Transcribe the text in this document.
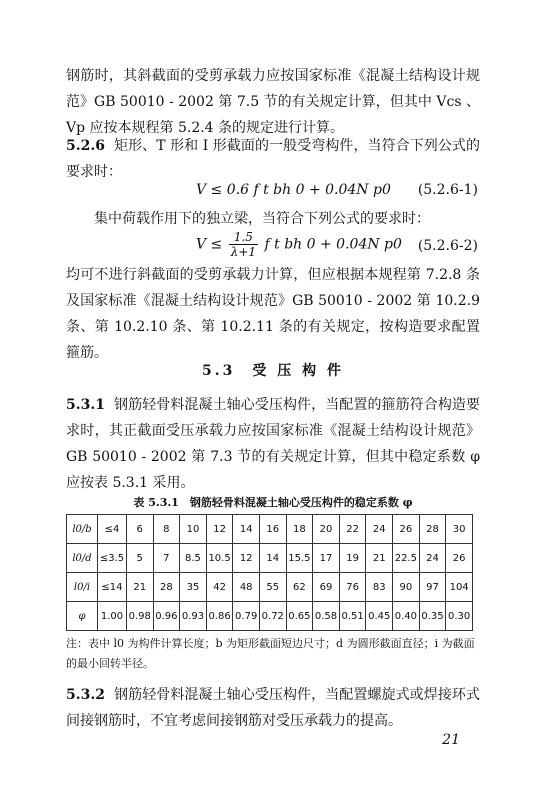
钢筋时，其斜截面的受剪承载力应按国家标准《混凝土结构设计规范》GB 50010 - 2002 第 7.5 节的有关规定计算，但其中 Vcs 、Vp 应按本规程第 5.2.4 条的规定进行计算。

5.2.6 矩形、T 形和 I 形截面的一般受弯构件，当符合下列公式的要求时：

V ≤ 0.6 f t bh 0 + 0.04N p0 (5.2.6-1)

集中荷载作用下的独立梁，当符合下列公式的要求时：

$V \le \frac{1.5}{\lambda+1}$ f t bh 0 + 0.04N p0 (5.2.6-2)

均可不进行斜截面的受剪承载力计算，但应根据本规程第 7.2.8 条及国家标准《混凝土结构设计规范》GB 50010 - 2002 第 10.2.9 条、第 10.2.10 条、第 10.2.11 条的有关规定，按构造要求配置箍筋。

5.3　受 压 构 件

5.3.1 钢筋轻骨料混凝土轴心受压构件，当配置的箍筋符合构造要求时，其正截面受压承载力应按国家标准《混凝土结构设计规范》GB 50010 - 2002 第 7.3 节的有关规定计算，但其中稳定系数 φ 应按表 5.3.1 采用。

表 5.3.1　钢筋轻骨料混凝土轴心受压构件的稳定系数 φ
l0/b	≤4	6	8	10	12	14	16	18	20	22	24	26	28	30
l0/d	≤3.5	5	7	8.5	10.5	12	14	15.5	17	19	21	22.5	24	26
l0/i	≤14	21	28	35	42	48	55	62	69	76	83	90	97	104
φ	1.00	0.98	0.96	0.93	0.86	0.79	0.72	0.65	0.58	0.51	0.45	0.40	0.35	0.30

注：表中 l0 为构件计算长度；b 为矩形截面短边尺寸；d 为圆形截面直径；i 为截面的最小回转半径。

5.3.2 钢筋轻骨料混凝土轴心受压构件，当配置螺旋式或焊接环式间接钢筋时，不宜考虑间接钢筋对受压承载力的提高。

21
